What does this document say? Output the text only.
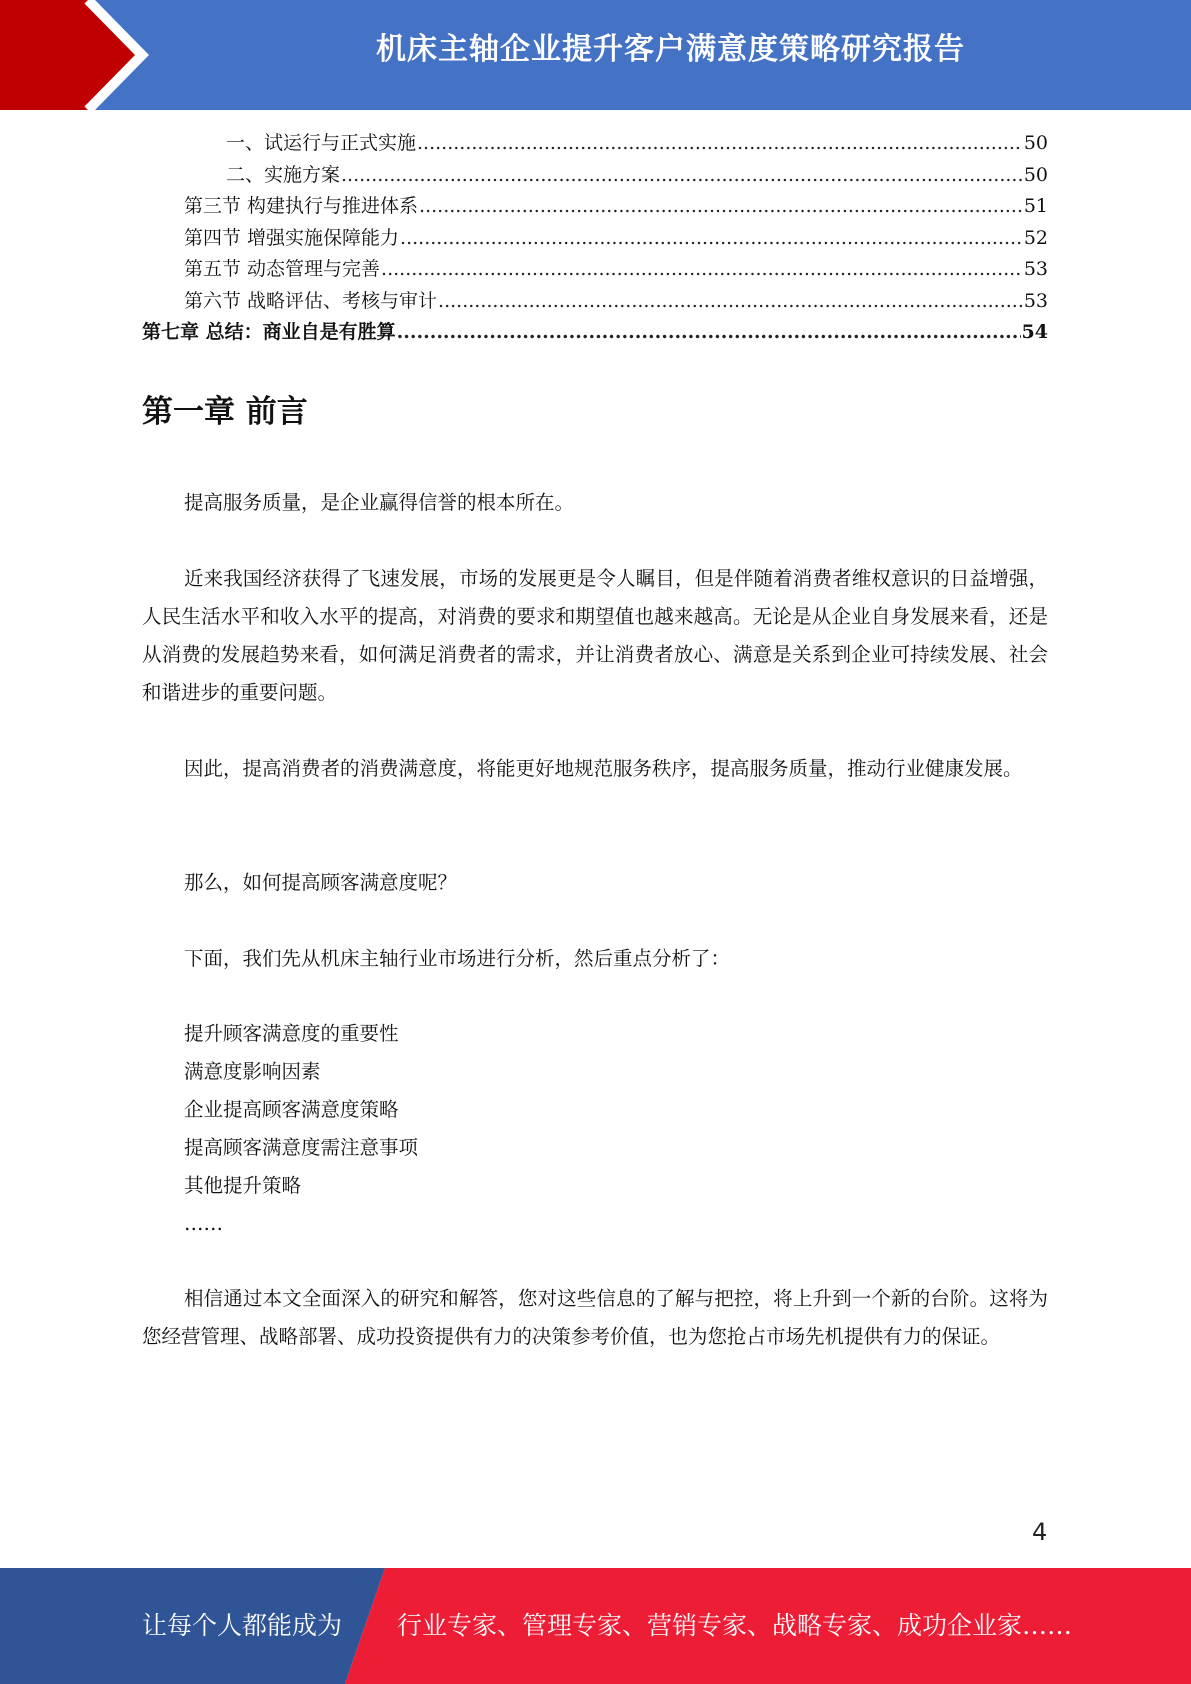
机床主轴企业提升客户满意度策略研究报告
一、试运行与正式实施 .....	50
二、实施方案 .....	50
第三节 构建执行与推进体系 .....	51
第四节 增强实施保障能力 .....	52
第五节 动态管理与完善 .....	53
第六节 战略评估、考核与审计 .....	53
第七章 总结：商业自是有胜算 .....	54
第一章 前言

提高服务质量，是企业赢得信誉的根本所在。

近来我国经济获得了飞速发展，市场的发展更是令人瞩目，但是伴随着消费者维权意识的日益增强，人民生活水平和收入水平的提高，对消费的要求和期望值也越来越高。无论是从企业自身发展来看，还是从消费的发展趋势来看，如何满足消费者的需求，并让消费者放心、满意是关系到企业可持续发展、社会和谐进步的重要问题。

因此，提高消费者的消费满意度，将能更好地规范服务秩序，提高服务质量，推动行业健康发展。

那么，如何提高顾客满意度呢？

下面，我们先从机床主轴行业市场进行分析，然后重点分析了：

提升顾客满意度的重要性
满意度影响因素
企业提高顾客满意度策略
提高顾客满意度需注意事项
其他提升策略
……

相信通过本文全面深入的研究和解答，您对这些信息的了解与把控，将上升到一个新的台阶。这将为您经营管理、战略部署、成功投资提供有力的决策参考价值，也为您抢占市场先机提供有力的保证。

4
让每个人都能成为 行业专家、管理专家、营销专家、战略专家、成功企业家……
